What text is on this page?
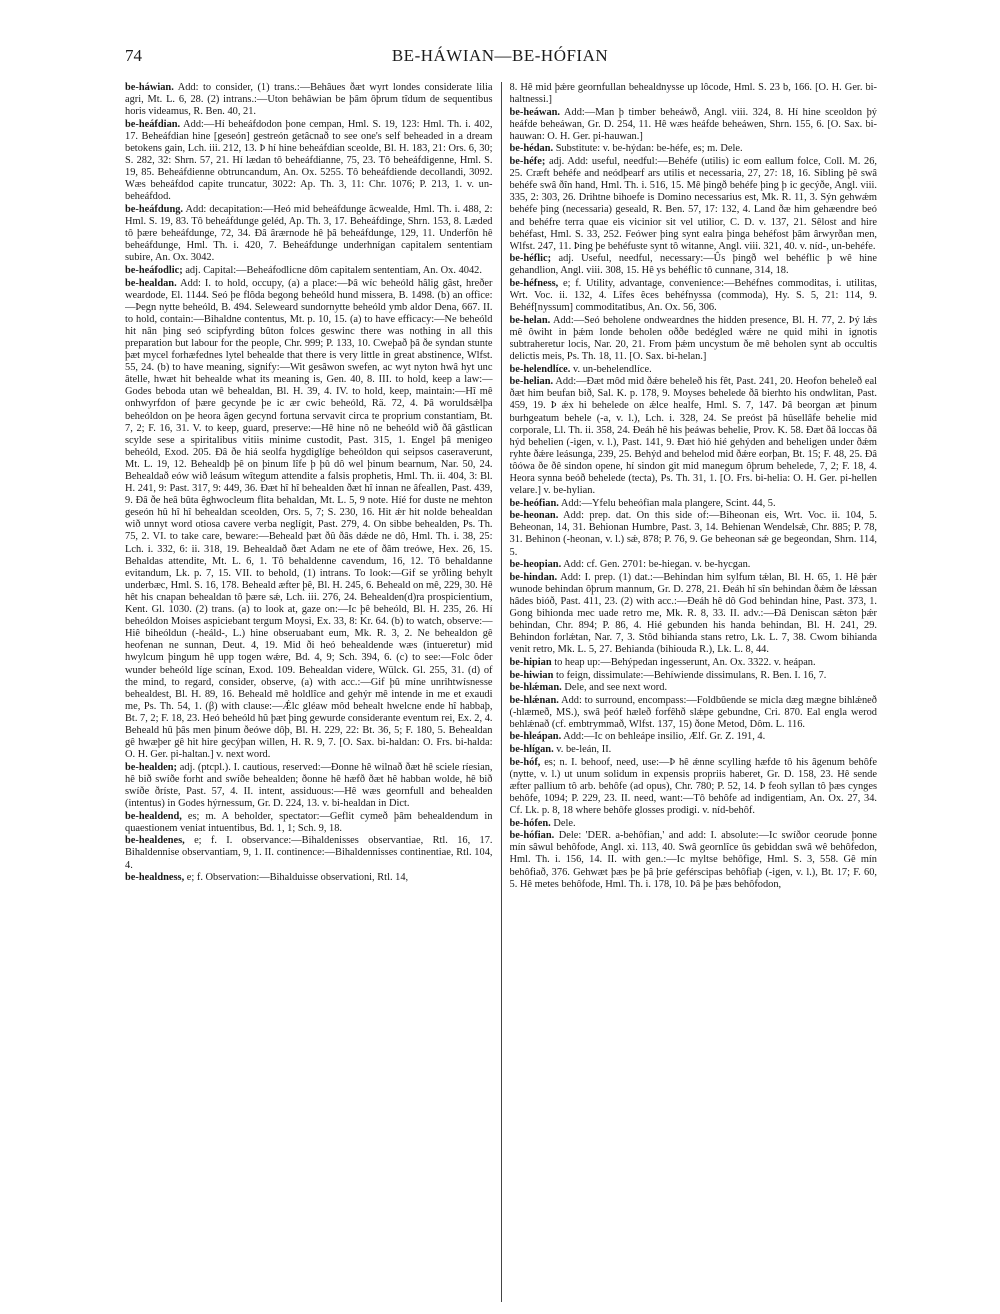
74	BE-HÁWIAN—BE-HÓFIAN

be-háwian. Add: to consider, (1) trans.:—Behâues ðæt wyrt londes considerate lilia agri, Mt. L. 6, 28. (2) intrans.:—Uton behâwian be þâm ôþrum tîdum de sequentibus horis videamus, R. Ben. 40, 21.

be-heáfdian. Add:—Hí beheáfdodon þone cempan, Hml. S. 19, 123: Hml. Th. i. 402, 17. Beheáfdian hine [geseón] gestreón getâcnað to see one's self beheaded in a dream betokens gain, Lch. iii. 212, 13. Þ hí hine beheáfdian sceolde, Bl. H. 183, 21: Ors. 6, 30; S. 282, 32: Shrn. 57, 21. Hí lædan tô beheáfdianne, 75, 23. Tô beheáfdigenne, Hml. S. 19, 85. Beheáfdienne obtruncandum, An. Ox. 5255. Tô beheáfdiende decollandi, 3092. Wæs beheáfdod capite truncatur, 3022: Ap. Th. 3, 11: Chr. 1076; P. 213, 1. v. un-beheáfdod.

be-heáfdung. Add: decapitation:—Heó mid beheáfdunge âcwealde, Hml. Th. i. 488, 2: Hml. S. 19, 83. Tô beheáfdunge geléd, Ap. Th. 3, 17. Beheáfdinge, Shrn. 153, 8. Læded tô þære beheáfdunge, 72, 34. Ðâ ârærnode hê þâ beheáfdunge, 129, 11. Underfôn hê beheáfdunge, Hml. Th. i. 420, 7. Beheáfdunge underhnígan capitalem sententiam subire, An. Ox. 3042.

be-heáfodlic; adj. Capital:—Beheáfodlicne dôm capitalem sententiam, An. Ox. 4042.

be-healdan. Add: I. to hold, occupy, (a) a place:—Þâ wíc beheóld hâlig gâst, hreðer weardode, El. 1144. Seó þe flôda begong beheóld hund missera, B. 1498. (b) an office:—Þegn nytte beheóld, B. 494. Seleweard sundornytte beheóld ymb aldor Dena, 667. II. to hold, contain:—Bihaldne contentus, Mt. p. 10, 15. (a) to have efficacy:—Ne beheóld hit nân þing seó scipfyrding bûton folces geswinc there was nothing in all this preparation but labour for the people, Chr. 999; P. 133, 10. Cweþað þâ ðe syndan stunte þæt mycel forhæfednes lytel behealde that there is very little in great abstinence, Wlfst. 55, 24. (b) to have meaning, signify:—Wit gesâwon swefen, ac wyt nyton hwâ hyt unc âtelle, hwæt hit behealde what its meaning is, Gen. 40, 8. III. to hold, keep a law:—Godes beboda utan wê behealdan, Bl. H. 39, 4. IV. to hold, keep, maintain:—Hî mê onhwyrfdon of þære gecynde þe ic ær cwic beheóld, Rä. 72, 4. Þâ woruldsǽlþa beheóldon on þe heora âgen gecynd fortuna servavit circa te proprium constantiam, Bt. 7, 2; F. 16, 31. V. to keep, guard, preserve:—Hê hine nô ne beheóld wið ðâ gâstlican scylde sese a spiritalibus vitiis minime custodit, Past. 315, 1. Engel þâ menigeo beheóld, Exod. 205. Ðâ ðe hiá seolfa hygdiglíge beheóldon qui seipsos caseraverunt, Mt. L. 19, 12. Behealdþ þê on þinum lîfe þ þû dô wel þinum bearnum, Nar. 50, 24. Behealdað eów wið leásum wîtegum attendite a falsis prophetis, Hml. Th. ii. 404, 3: Bl. H. 241, 9: Past. 317, 9: 449, 36. Ðæt hî hî behealden ðæt hî innan ne âfeallen, Past. 439, 9. Ðâ ðe heâ bûta êghwocleum flita behaldan, Mt. L. 5, 9 note. Híé for duste ne mehton geseón hû hî hî behealdan sceolden, Ors. 5, 7; S. 230, 16. Hit ǽr hit nolde behealdan wið unnyt word otiosa cavere verba neglígit, Past. 279, 4. On sibbe behealden, Ps. Th. 75, 2. VI. to take care, beware:—Beheald þæt ðû ðâs dǽde ne dô, Hml. Th. i. 38, 25: Lch. i. 332, 6: ii. 318, 19. Behealdað ðæt Adam ne ete of ðâm treówe, Hex. 26, 15. Behaldas attendite, Mt. L. 6, 1. Tô behaldenne cavendum, 16, 12. Tô behaldanne evitandum, Lk. p. 7, 15. VII. to behold, (1) intrans. To look:—Gif se yrðling behylt underbæc, Hml. S. 16, 178. Beheald æfter þê, Bl. H. 245, 6. Beheald on mê, 229, 30. Hê hêt his cnapan behealdan tô þære sǽ, Lch. iii. 276, 24. Behealden(d)ra prospicientium, Kent. Gl. 1030. (2) trans. (a) to look at, gaze on:—Ic þê beheóld, Bl. H. 235, 26. Hí beheóldon Moises aspiciebant tergum Moysi, Ex. 33, 8: Kr. 64. (b) to watch, observe:—Hiê biheóldun (-heáld-, L.) hine obseruabant eum, Mk. R. 3, 2. Ne behealdon gê heofenan ne sunnan, Deut. 4, 19. Mid ði heó behealdende wæs (intueretur) mid hwylcum þingum hê upp togen wǽre, Bd. 4, 9; Sch. 394, 6. (c) to see:—Folc ôder wunder beheóld líge scínan, Exod. 109. Behealdan videre, Wülck. Gl. 255, 31. (d) of the mind, to regard, consider, observe, (a) with acc.:—Gif þû míne unrihtwísnesse behealdest, Bl. H. 89, 16. Beheald mê holdlîce and gehýr mê intende in me et exaudi me, Ps. Th. 54, 1. (β) with clause:—Ǽlc gléaw môd behealt hwelcne ende hî habbaþ, Bt. 7, 2; F. 18, 23. Heó beheóld hû þæt þing gewurde considerante eventum rei, Ex. 2, 4. Beheald hû þâs men þinum ðeówe dôþ, Bl. H. 229, 22: Bt. 36, 5; F. 180, 5. Behealdan gê hwæþer gê hit hire gecýþan willen, H. R. 9, 7. [O. Sax. bi-haldan: O. Frs. bi-halda: O. H. Ger. pi-haltan.] v. next word.

be-healden; adj. (ptcpl.). I. cautious, reserved:—Ðonne hê wilnað ðæt hê sciele ríesian, hê bið swíðe forht and swíðe behealden; ðonne hê hæfð ðæt hê habban wolde, hê bið swíðe ðríste, Past. 57, 4. II. intent, assiduous:—Hê wæs geornfull and behealden (intentus) in Godes hýrnessum, Gr. D. 224, 13. v. bi-healdan in Dict.

be-healdend, es; m. A beholder, spectator:—Geflit cymeð þâm behealdendum in quaestionem veniat intuentibus, Bd. 1, 1; Sch. 9, 18.

be-healdenes, e; f. I. observance:—Bihaldenisses observantiae, Rtl. 16, 17. Bihaldennise observantiam, 9, 1. II. continence:—Bihaldennisses continentiae, Rtl. 104, 4.

be-healdness, e; f. Observation:—Bihalduisse observationi, Rtl. 14,

8. Hê mid þǽre geornfullan behealdnysse up lôcode, Hml. S. 23 b, 166. [O. H. Ger. bi-haltnessi.]

be-heáwan. Add:—Man þ timber beheáwð, Angl. viii. 324, 8. Hí hine sceoldon þý heáfde beheáwan, Gr. D. 254, 11. Hê wæs heáfde beheáwen, Shrn. 155, 6. [O. Sax. bi-hauwan: O. H. Ger. pi-hauwan.]

be-hédan. Substitute: v. be-hýdan: be-héfe, es; m. Dele.

be-héfe; adj. Add: useful, needful:—Behéfe (utilis) ic eom eallum folce, Coll. M. 26, 25. Cræft behéfe and neódþearf ars utilis et necessaria, 27, 27: 18, 16. Sibling þê swâ behéfe swâ ðîn hand, Hml. Th. i. 516, 15. Mê þingð behéfe þing þ ic gecýðe, Angl. viii. 335, 2: 303, 26. Drihtne bihoefe is Domino necessarius est, Mk. R. 11, 3. Sýn gehwǽm behéfe þing (necessaria) geseald, R. Ben. 57, 17: 132, 4. Land ðæ him gehæendre beó and behéfre terra quae eis vicinior sit vel utilior, C. D. v. 137, 21. Sêlost and hire behéfast, Hml. S. 33, 252. Feówer þing synt ealra þinga behéfost þâm ârwyrðan men, Wlfst. 247, 11. Þing þe behéfuste synt tô witanne, Angl. viii. 321, 40. v. níd-, un-behéfe.

be-héflic; adj. Useful, needful, necessary:—Ûs þingð wel behéflic þ wê hine gehandlion, Angl. viii. 308, 15. Hê ys behéflic tô cunnane, 314, 18.

be-héfness, e; f. Utility, advantage, convenience:—Behéfnes commoditas, i. utilitas, Wrt. Voc. ii. 132, 4. Lîfes êces behéfnyssa (commoda), Hy. S. 5, 21: 114, 9. Behéf[nyssum] commoditatibus, An. Ox. 56, 306.

be-helan. Add:—Seó beholene ondweardnes the hidden presence, Bl. H. 77, 2. Þý lǽs mê ôwiht in þǽm londe beholen oððe bedégled wǽre ne quid mihi in ignotis subtraheretur locis, Nar. 20, 21. From þǽm uncystum ðe mê beholen synt ab occultis delictis meis, Ps. Th. 18, 11. [O. Sax. bi-helan.]

be-helendlíce. v. un-behelendlíce.

be-helian. Add:—Ðæt môd mid ðǽre beheleð his fêt, Past. 241, 20. Heofon beheleð eal ðæt him beufan bið, Sal. K. p. 178, 9. Moyses behelede ðâ bierhto his ondwlitan, Past. 459, 19. Þ ǽx hi behelede on ǽlce healfe, Hml. S. 7, 147. Þâ beorgan æt þinum burhgeatum behele (-a, v. l.), Lch. i. 328, 24. Se preóst þâ hûsellâfe behelie mid corporale, Ll. Th. ii. 358, 24. Ðeáh hê his þeáwas behelie, Prov. K. 58. Ðæt ðâ loccas ðâ hýd behelien (-igen, v. l.), Past. 141, 9. Ðæt hió hié gehýden and beheligen under ðǽm ryhte ðǽre leásunga, 239, 25. Behýd and behelod mid ðǽre eorþan, Bt. 15; F. 48, 25. Ðâ tôówa ðe ðê sindon opene, hí sindon git mid manegum ôþrum behelede, 7, 2; F. 18, 4. Heora synna beóð behelede (tecta), Ps. Th. 31, 1. [O. Frs. bi-helia: O. H. Ger. pi-hellen velare.] v. be-hylian.

be-heófian. Add:—Yfelu beheófian mala plangere, Scint. 44, 5.

be-heonan. Add: prep. dat. On this side of:—Biheonan eis, Wrt. Voc. ii. 104, 5. Beheonan, 14, 31. Behionan Humbre, Past. 3, 14. Behienan Wendelsǽ, Chr. 885; P. 78, 31. Behinon (-heonan, v. l.) sǽ, 878; P. 76, 9. Ge beheonan sǽ ge begeondan, Shrn. 114, 5.

be-heopian. Add: cf. Gen. 2701: be-hiegan. v. be-hycgan.

be-hindan. Add: I. prep. (1) dat.:—Behindan him sylfum tǽlan, Bl. H. 65, 1. Hê þǽr wunode behindan ôþrum mannum, Gr. D. 278, 21. Ðeáh hî sîn behindan ðǽm ðe lǽssan hâdes bióð, Past. 411, 23. (2) with acc.:—Ðeáh hê dô God behindan hine, Past. 373, 1. Gong bihionda mec uade retro me, Mk. R. 8, 33. II. adv.:—Ðâ Deniscan sǽton þǽr behindan, Chr. 894; P. 86, 4. Hié gebunden his handa behindan, Bl. H. 241, 29. Behindon forlǽtan, Nar. 7, 3. Stôd bihianda stans retro, Lk. L. 7, 38. Cwom bihianda venit retro, Mk. L. 5, 27. Behianda (bihiouda R.), Lk. L. 8, 44.

be-hipian to heap up:—Behýpedan ingesserunt, An. Ox. 3322. v. heápan.

be-hiwian to feign, dissimulate:—Behíwiende dissimulans, R. Ben. I. 16, 7.

be-hlǽman. Dele, and see next word.

be-hlǽnan. Add: to surround, encompass:—Foldbûende se micla dæg mægne bihlǽneð (-hlæmeð, MS.), swâ þeóf hæleð forfêhð slǽpe gebundne, Cri. 870. Eal engla werod behlǽnað (cf. embtrymmað, Wlfst. 137, 15) ðone Metod, Dôm. L. 116.

be-hleápan. Add:—Ic on behleápe insilio, Ælf. Gr. Z. 191, 4.

be-hlígan. v. be-leán, II.

be-hóf, es; n. I. behoof, need, use:—Þ hê ǽnne scylling hæfde tô his âgenum behôfe (nytte, v. l.) ut unum solidum in expensis propriis haberet, Gr. D. 158, 23. Hê sende æfter pallium tô arb. behôfe (ad opus), Chr. 780; P. 52, 14. Þ feoh syllan tô þæs cynges behôfe, 1094; P. 229, 23. II. need, want:—Tô behôfe ad indigentiam, An. Ox. 27, 34. Cf. Lk. p. 8, 18 where behôfe glosses prodigi. v. níd-behôf.

be-hófen. Dele.

be-hófian. Dele: 'DER. a-behôfian,' and add: I. absolute:—Ic swíðor ceorude þonne mín sâwul behôfode, Angl. xi. 113, 40. Swâ geornlîce ûs gebiddan swâ wê behôfedon, Hml. Th. i. 156, 14. II. with gen.:—Ic myltse behôfige, Hml. S. 3, 558. Gê mín behôfiað, 376. Gehwæt þæs þe þâ þríe geférscipas behôfiaþ (-igen, v. l.), Bt. 17; F. 60, 5. Hê metes behôfode, Hml. Th. i. 178, 10. Þâ þe þæs behôfodon,
